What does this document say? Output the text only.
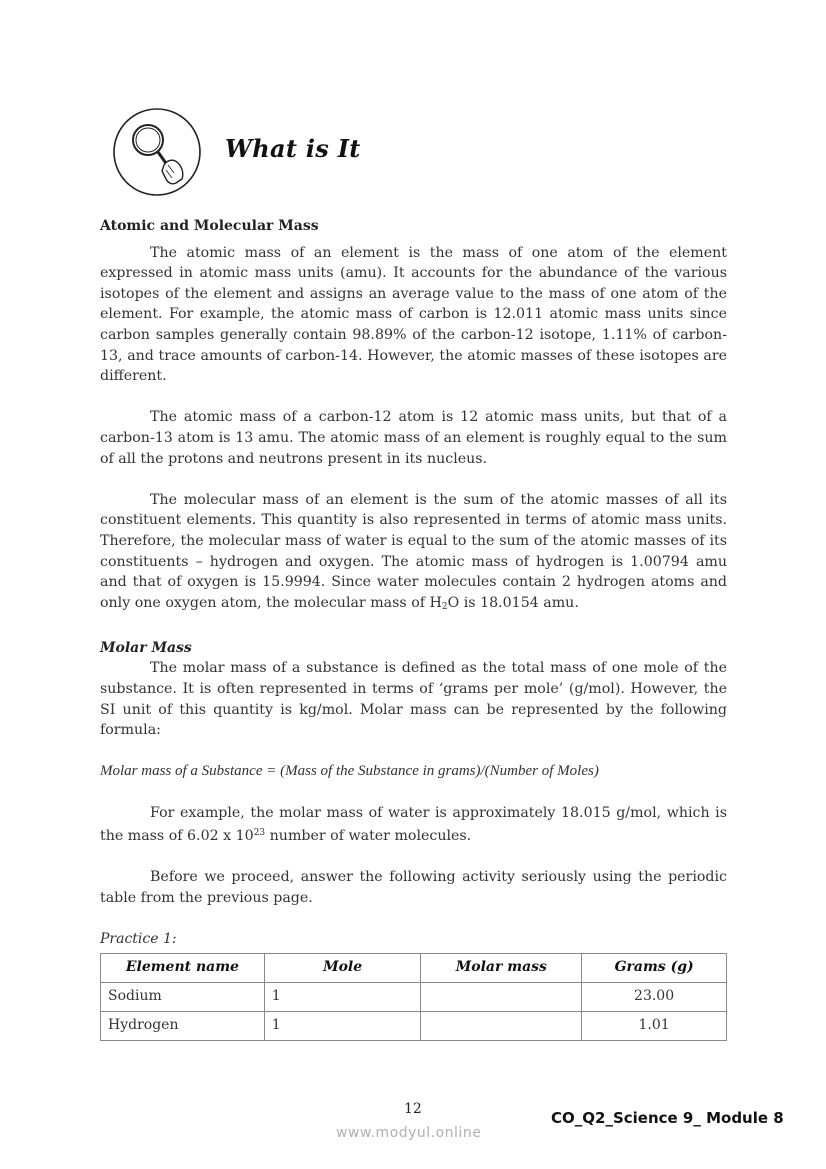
What is It
Atomic and Molecular Mass

The atomic mass of an element is the mass of one atom of the element expressed in atomic mass units (amu). It accounts for the abundance of the various isotopes of the element and assigns an average value to the mass of one atom of the element. For example, the atomic mass of carbon is 12.011 atomic mass units since carbon samples generally contain 98.89% of the carbon-12 isotope, 1.11% of carbon-13, and trace amounts of carbon-14. However, the atomic masses of these isotopes are different.

The atomic mass of a carbon-12 atom is 12 atomic mass units, but that of a carbon-13 atom is 13 amu. The atomic mass of an element is roughly equal to the sum of all the protons and neutrons present in its nucleus.

The molecular mass of an element is the sum of the atomic masses of all its constituent elements. This quantity is also represented in terms of atomic mass units. Therefore, the molecular mass of water is equal to the sum of the atomic masses of its constituents – hydrogen and oxygen. The atomic mass of hydrogen is 1.00794 amu and that of oxygen is 15.9994. Since water molecules contain 2 hydrogen atoms and only one oxygen atom, the molecular mass of $H_2O$ is 18.0154 amu.

Molar Mass

The molar mass of a substance is defined as the total mass of one mole of the substance. It is often represented in terms of ‘grams per mole’ (g/mol). However, the SI unit of this quantity is kg/mol. Molar mass can be represented by the following formula:

Molar mass of a Substance = (Mass of the Substance in grams)/(Number of Moles)

For example, the molar mass of water is approximately 18.015 g/mol, which is the mass of 6.02 x $10^{23}$ number of water molecules.

Before we proceed, answer the following activity seriously using the periodic table from the previous page.

Practice 1:

Element name	Mole	Molar mass	Grams (g)
Sodium	1		23.00
Hydrogen	1		1.01
12	CO_Q2_Science 9_ Module 8
www.modyul.online
